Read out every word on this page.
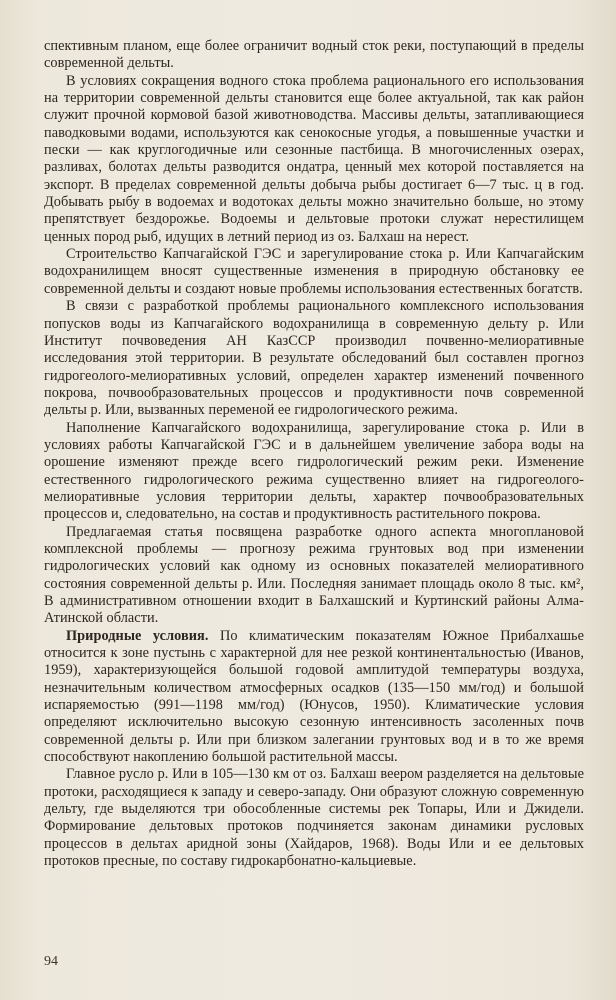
спективным планом, еще более ограничит водный сток реки, поступающий в пределы современной дельты.

В условиях сокращения водного стока проблема рационального его использования на территории современной дельты становится еще более актуальной, так как район служит прочной кормовой базой животноводства. Массивы дельты, затапливающиеся паводковыми водами, используются как сенокосные угодья, а повышенные участки и пески — как круглогодичные или сезонные пастбища. В многочисленных озерах, разливах, болотах дельты разводится ондатра, ценный мех которой поставляется на экспорт. В пределах современной дельты добыча рыбы достигает 6—7 тыс. ц в год. Добывать рыбу в водоемах и водотоках дельты можно значительно больше, но этому препятствует бездорожье. Водоемы и дельтовые протоки служат нерестилищем ценных пород рыб, идущих в летний период из оз. Балхаш на нерест.

Строительство Капчагайской ГЭС и зарегулирование стока р. Или Капчагайским водохранилищем вносят существенные изменения в природную обстановку ее современной дельты и создают новые проблемы использования естественных богатств.

В связи с разработкой проблемы рационального комплексного использования попусков воды из Капчагайского водохранилища в современную дельту р. Или Институт почвоведения АН КазССР производил почвенно-мелиоративные исследования этой территории. В результате обследований был составлен прогноз гидрогеолого-мелиоративных условий, определен характер изменений почвенного покрова, почвообразовательных процессов и продуктивности почв современной дельты р. Или, вызванных переменой ее гидрологического режима.

Наполнение Капчагайского водохранилища, зарегулирование стока р. Или в условиях работы Капчагайской ГЭС и в дальнейшем увеличение забора воды на орошение изменяют прежде всего гидрологический режим реки. Изменение естественного гидрологического режима существенно влияет на гидрогеолого-мелиоративные условия территории дельты, характер почвообразовательных процессов и, следовательно, на состав и продуктивность растительного покрова.

Предлагаемая статья посвящена разработке одного аспекта многоплановой комплексной проблемы — прогнозу режима грунтовых вод при изменении гидрологических условий как одному из основных показателей мелиоративного состояния современной дельты р. Или. Последняя занимает площадь около 8 тыс. км², В административном отношении входит в Балхашский и Куртинский районы Алма-Атинской области.

Природные условия. По климатическим показателям Южное Прибалхашье относится к зоне пустынь с характерной для нее резкой континентальностью (Иванов, 1959), характеризующейся большой годовой амплитудой температуры воздуха, незначительным количеством атмосферных осадков (135—150 мм/год) и большой испаряемостью (991—1198 мм/год) (Юнусов, 1950). Климатические условия определяют исключительно высокую сезонную интенсивность засоленных почв современной дельты р. Или при близком залегании грунтовых вод и в то же время способствуют накоплению большой растительной массы.

Главное русло р. Или в 105—130 км от оз. Балхаш веером разделяется на дельтовые протоки, расходящиеся к западу и северо-западу. Они образуют сложную современную дельту, где выделяются три обособленные системы рек Топары, Или и Джидели. Формирование дельтовых протоков подчиняется законам динамики русловых процессов в дельтах аридной зоны (Хайдаров, 1968). Воды Или и ее дельтовых протоков пресные, по составу гидрокарбонатно-кальциевые.

94
